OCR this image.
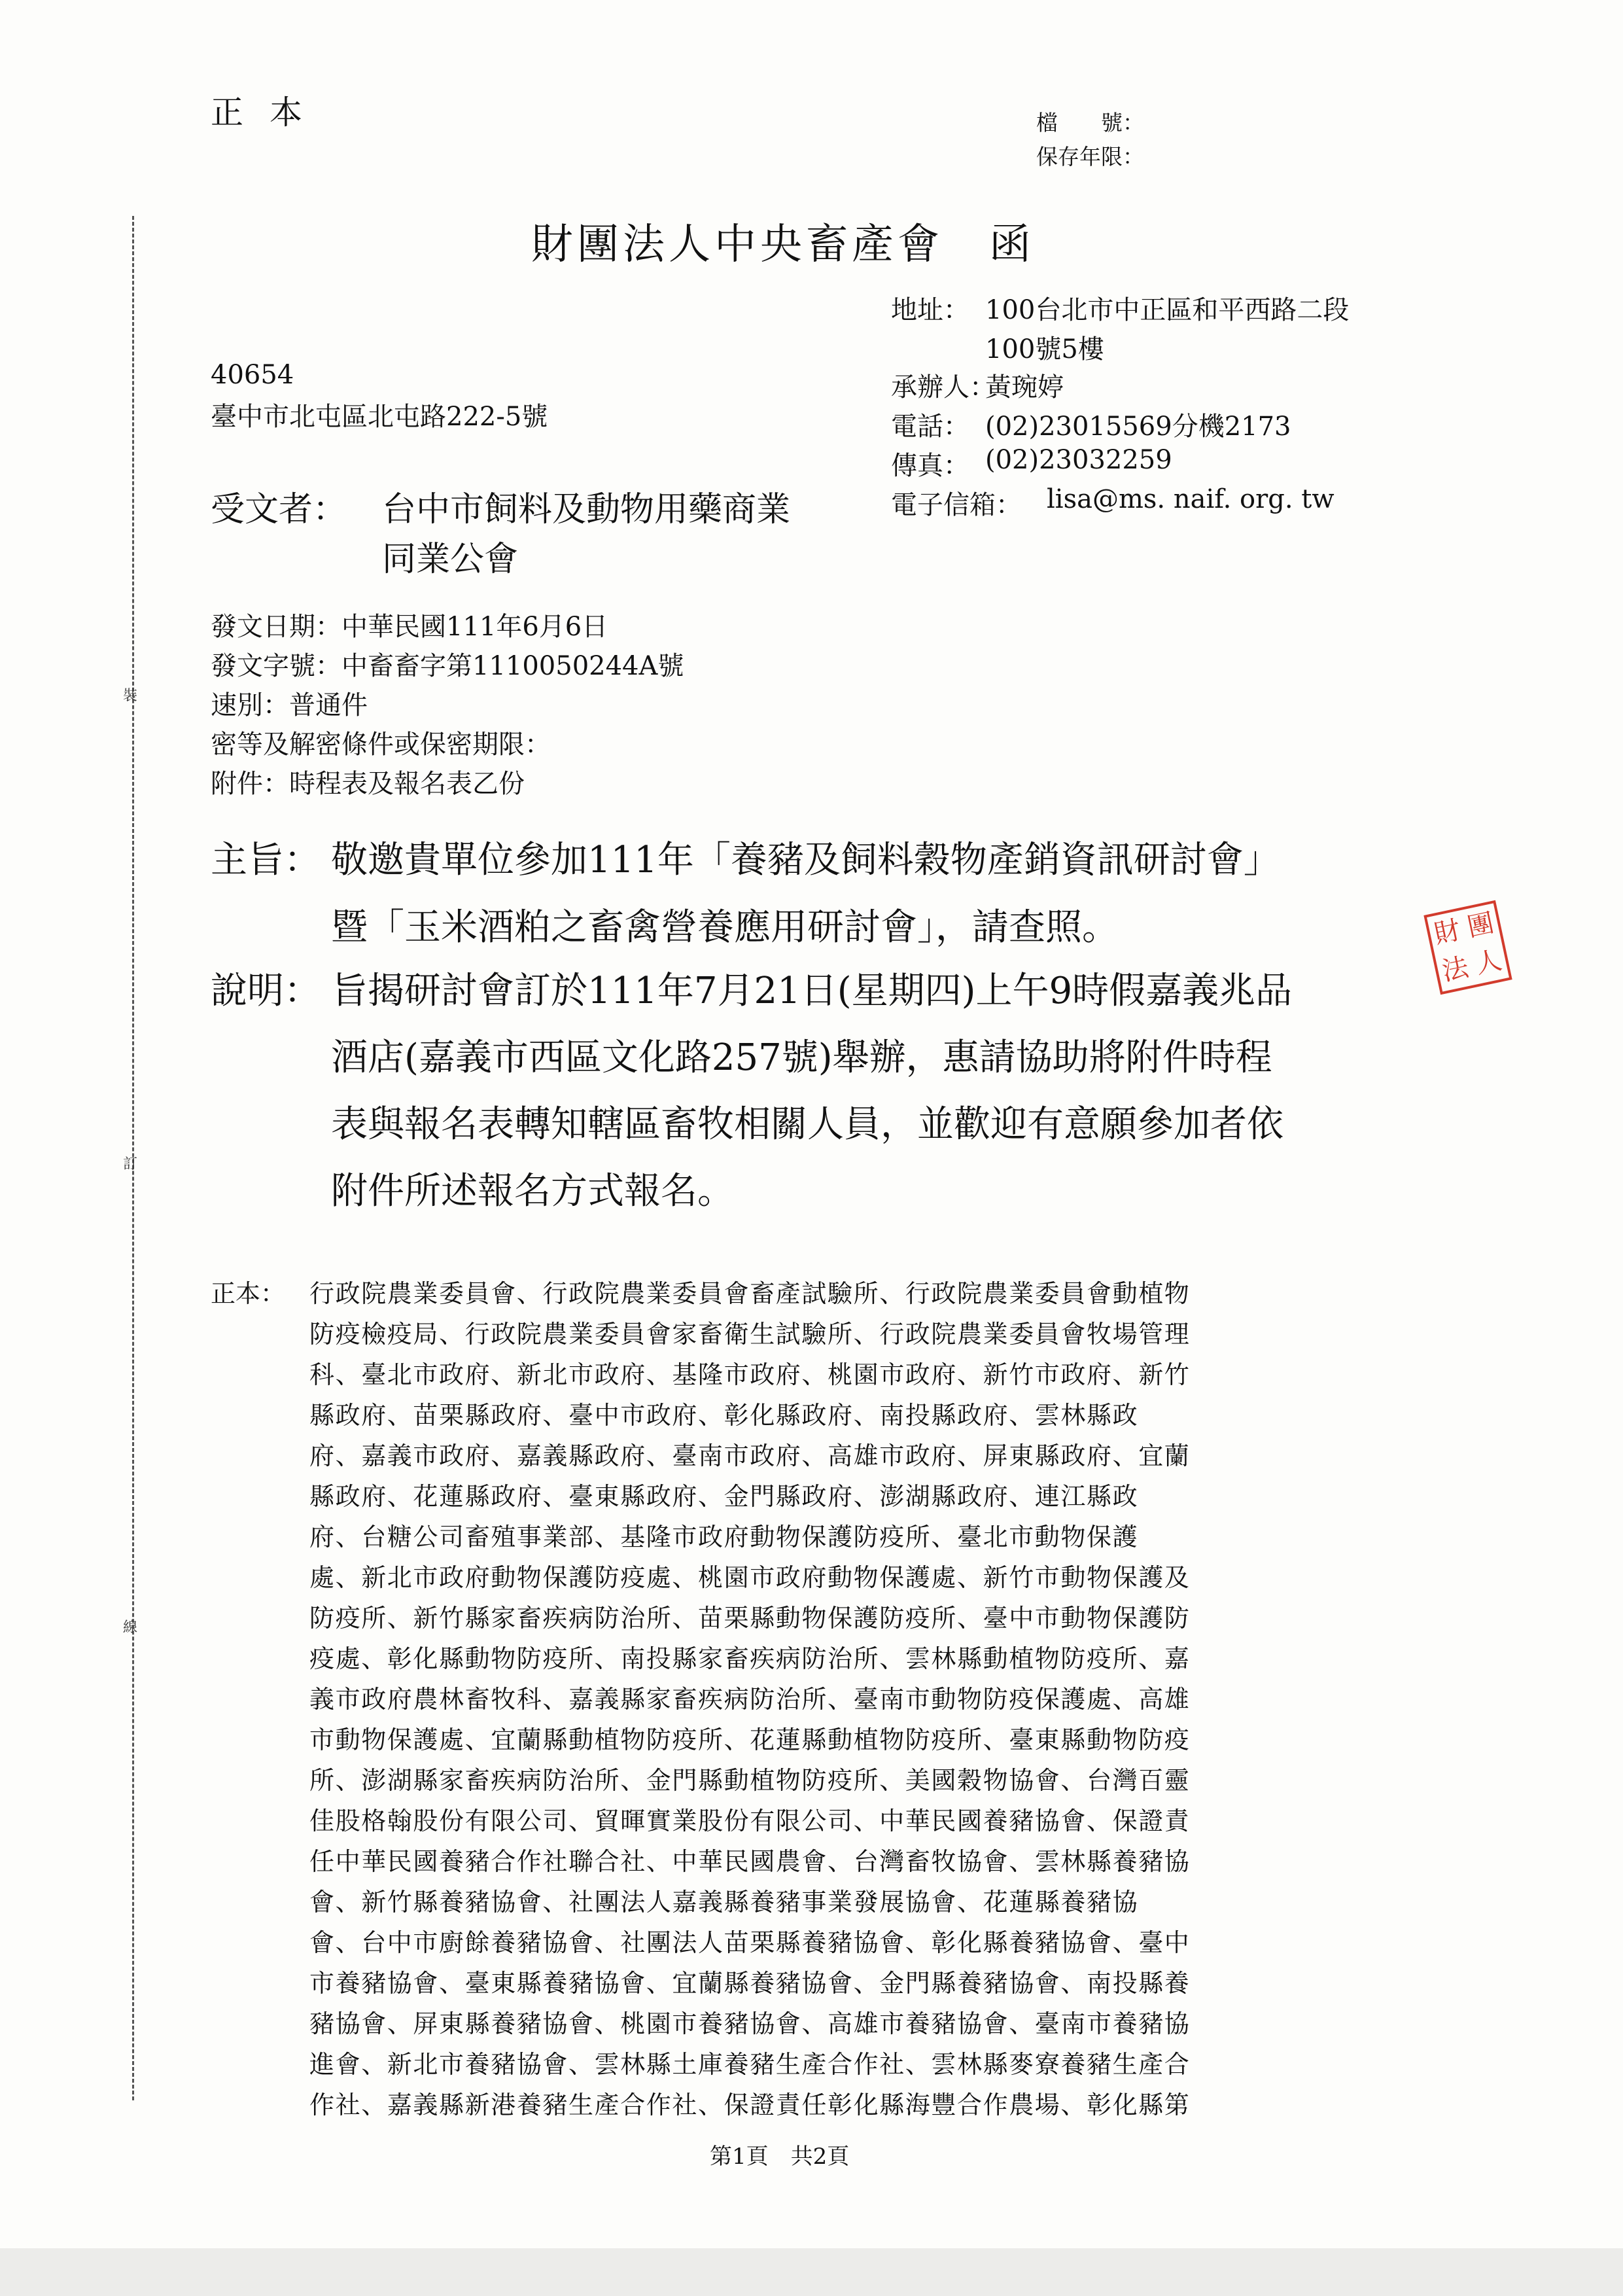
裝
訂
線
正本	檔　　號：
保存年限：
財團法人中央畜產會　函
地址： 100台北市中正區和平西路二段
100號5樓
承辦人：
黃琬婷
電話： (02)23015569分機2173
傳真： (02)23032259
電子信箱： lisa@ms. naif. org. tw
40654
臺中市北屯區北屯路222-5號
受文者： 台中市飼料及動物用藥商業
同業公會
發文日期：中華民國111年6月6日
發文字號：中畜畜字第1110050244A號
速別：普通件
密等及解密條件或保密期限：
附件：時程表及報名表乙份
主旨： 敬邀貴單位參加111年「養豬及飼料穀物產銷資訊研討會」
暨「玉米酒粕之畜禽營養應用研討會」，請查照。
說明： 旨揭研討會訂於111年7月21日(星期四)上午9時假嘉義兆品
酒店(嘉義市西區文化路257號)舉辦，惠請協助將附件時程
表與報名表轉知轄區畜牧相關人員，並歡迎有意願參加者依
附件所述報名方式報名。
財 團
法 人
正本： 行政院農業委員會、行政院農業委員會畜產試驗所、行政院農業委員會動植物
防疫檢疫局、行政院農業委員會家畜衛生試驗所、行政院農業委員會牧場管理
科、臺北市政府、新北市政府、基隆市政府、桃園市政府、新竹市政府、新竹
縣政府、苗栗縣政府、臺中市政府、彰化縣政府、南投縣政府、雲林縣政
府、嘉義市政府、嘉義縣政府、臺南市政府、高雄市政府、屏東縣政府、宜蘭
縣政府、花蓮縣政府、臺東縣政府、金門縣政府、澎湖縣政府、連江縣政
府、台糖公司畜殖事業部、基隆市政府動物保護防疫所、臺北市動物保護
處、新北市政府動物保護防疫處、桃園市政府動物保護處、新竹市動物保護及
防疫所、新竹縣家畜疾病防治所、苗栗縣動物保護防疫所、臺中市動物保護防
疫處、彰化縣動物防疫所、南投縣家畜疾病防治所、雲林縣動植物防疫所、嘉
義市政府農林畜牧科、嘉義縣家畜疾病防治所、臺南市動物防疫保護處、高雄
市動物保護處、宜蘭縣動植物防疫所、花蓮縣動植物防疫所、臺東縣動物防疫
所、澎湖縣家畜疾病防治所、金門縣動植物防疫所、美國穀物協會、台灣百靈
佳股格翰股份有限公司、貿暉實業股份有限公司、中華民國養豬協會、保證責
任中華民國養豬合作社聯合社、中華民國農會、台灣畜牧協會、雲林縣養豬協
會、新竹縣養豬協會、社團法人嘉義縣養豬事業發展協會、花蓮縣養豬協
會、台中市廚餘養豬協會、社團法人苗栗縣養豬協會、彰化縣養豬協會、臺中
市養豬協會、臺東縣養豬協會、宜蘭縣養豬協會、金門縣養豬協會、南投縣養
豬協會、屏東縣養豬協會、桃園市養豬協會、高雄市養豬協會、臺南市養豬協
進會、新北市養豬協會、雲林縣土庫養豬生產合作社、雲林縣麥寮養豬生產合
作社、嘉義縣新港養豬生產合作社、保證責任彰化縣海豐合作農場、彰化縣第
第1頁　共2頁
